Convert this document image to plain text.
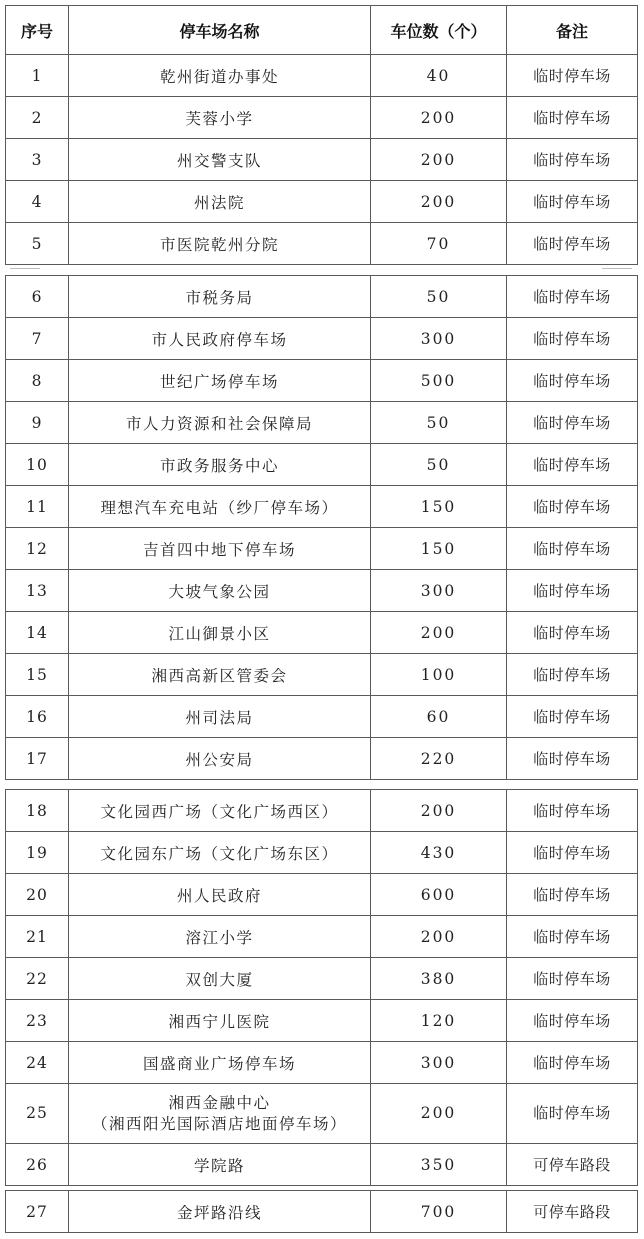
序号	停车场名称	车位数（个）	备注
1	乾州街道办事处	40	临时停车场
2	芙蓉小学	200	临时停车场
3	州交警支队	200	临时停车场
4	州法院	200	临时停车场
5	市医院乾州分院	70	临时停车场
6	市税务局	50	临时停车场
7	市人民政府停车场	300	临时停车场
8	世纪广场停车场	500	临时停车场
9	市人力资源和社会保障局	50	临时停车场
10	市政务服务中心	50	临时停车场
11	理想汽车充电站（纱厂停车场）	150	临时停车场
12	吉首四中地下停车场	150	临时停车场
13	大坡气象公园	300	临时停车场
14	江山御景小区	200	临时停车场
15	湘西高新区管委会	100	临时停车场
16	州司法局	60	临时停车场
17	州公安局	220	临时停车场
18	文化园西广场（文化广场西区）	200	临时停车场
19	文化园东广场（文化广场东区）	430	临时停车场
20	州人民政府	600	临时停车场
21	溶江小学	200	临时停车场
22	双创大厦	380	临时停车场
23	湘西宁儿医院	120	临时停车场
24	国盛商业广场停车场	300	临时停车场
25	湘西金融中心
（湘西阳光国际酒店地面停车场）	200	临时停车场
26	学院路	350	可停车路段
27	金坪路沿线	700	可停车路段
